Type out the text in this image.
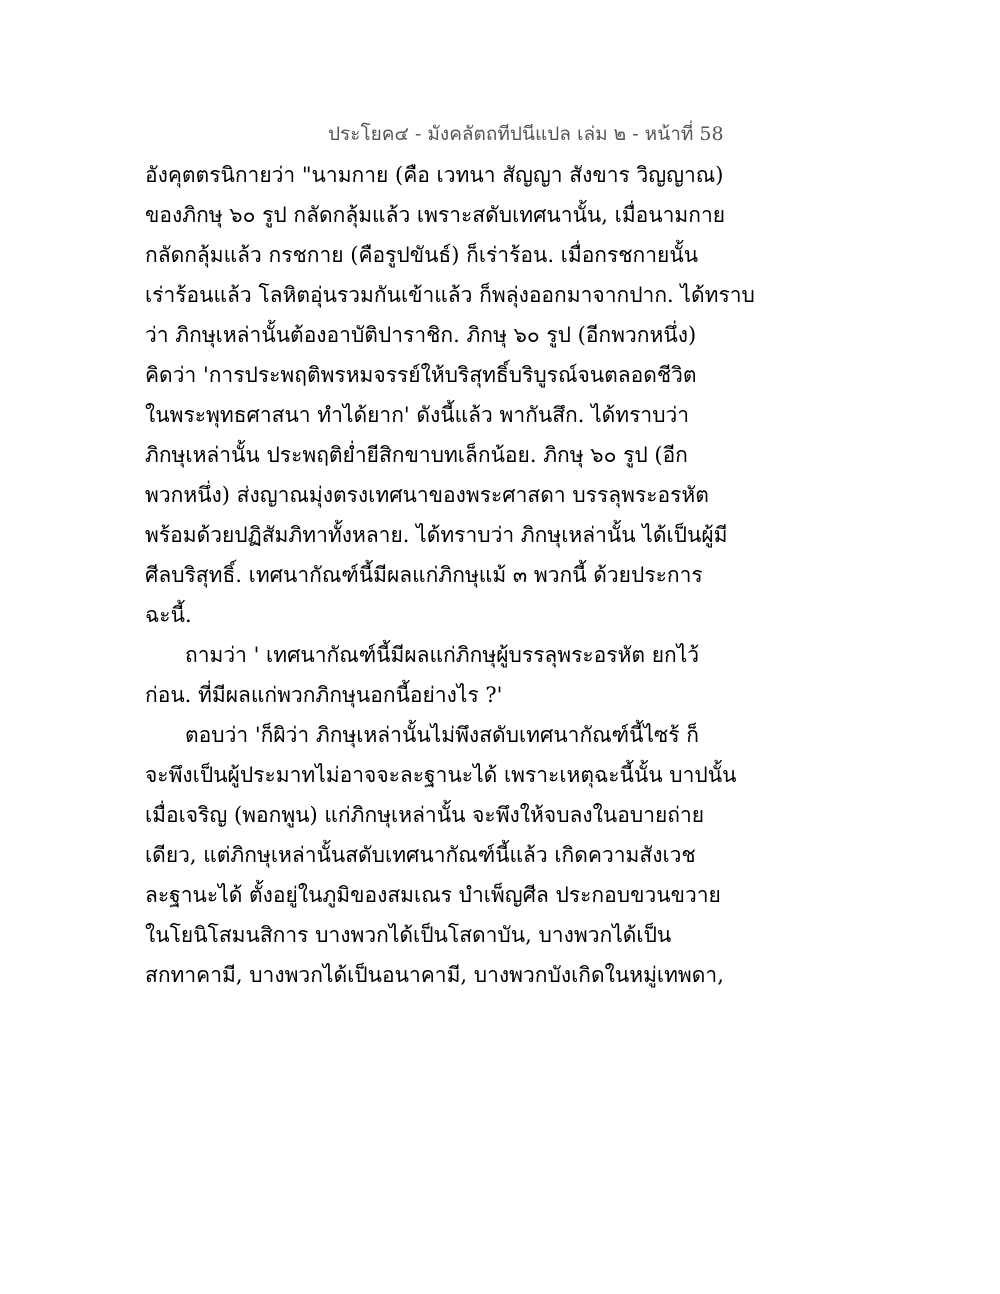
ประโยค๔ - มังคลัตถทีปนีแปล เล่ม ๒ - หน้าที่ 58
อังคุตตรนิกายว่า "นามกาย (คือ เวทนา สัญญา สังขาร วิญญาณ)
ของภิกษุ ๖๐ รูป กลัดกลุ้มแล้ว เพราะสดับเทศนานั้น, เมื่อนามกาย
กลัดกลุ้มแล้ว กรชกาย (คือรูปขันธ์) ก็เร่าร้อน. เมื่อกรชกายนั้น
เร่าร้อนแล้ว โลหิตอุ่นรวมกันเข้าแล้ว ก็พลุ่งออกมาจากปาก. ได้ทราบ
ว่า ภิกษุเหล่านั้นต้องอาบัติปาราชิก. ภิกษุ ๖๐ รูป (อีกพวกหนึ่ง)
คิดว่า 'การประพฤติพรหมจรรย์ให้บริสุทธิ์บริบูรณ์จนตลอดชีวิต
ในพระพุทธศาสนา ทำได้ยาก' ดังนี้แล้ว พากันสึก. ได้ทราบว่า
ภิกษุเหล่านั้น ประพฤติย่ำยีสิกขาบทเล็กน้อย. ภิกษุ ๖๐ รูป (อีก
พวกหนึ่ง) ส่งญาณมุ่งตรงเทศนาของพระศาสดา บรรลุพระอรหัต
พร้อมด้วยปฏิสัมภิทาทั้งหลาย. ได้ทราบว่า ภิกษุเหล่านั้น ได้เป็นผู้มี
ศีลบริสุทธิ์. เทศนากัณฑ์นี้มีผลแก่ภิกษุแม้ ๓ พวกนี้ ด้วยประการ
ฉะนี้.
ถามว่า ' เทศนากัณฑ์นี้มีผลแก่ภิกษุผู้บรรลุพระอรหัต ยกไว้
ก่อน. ที่มีผลแก่พวกภิกษุนอกนี้อย่างไร ?'
ตอบว่า 'ก็ผิว่า ภิกษุเหล่านั้นไม่พึงสดับเทศนากัณฑ์นี้ไซร้ ก็
จะพึงเป็นผู้ประมาทไม่อาจจะละฐานะได้ เพราะเหตุฉะนี้นั้น บาปนั้น
เมื่อเจริญ (พอกพูน) แก่ภิกษุเหล่านั้น จะพึงให้จบลงในอบายถ่าย
เดียว, แต่ภิกษุเหล่านั้นสดับเทศนากัณฑ์นี้แล้ว เกิดความสังเวช
ละฐานะได้ ตั้งอยู่ในภูมิของสมเณร บำเพ็ญศีล ประกอบขวนขวาย
ในโยนิโสมนสิการ บางพวกได้เป็นโสดาบัน, บางพวกได้เป็น
สกทาคามี, บางพวกได้เป็นอนาคามี, บางพวกบังเกิดในหมู่เทพดา,
